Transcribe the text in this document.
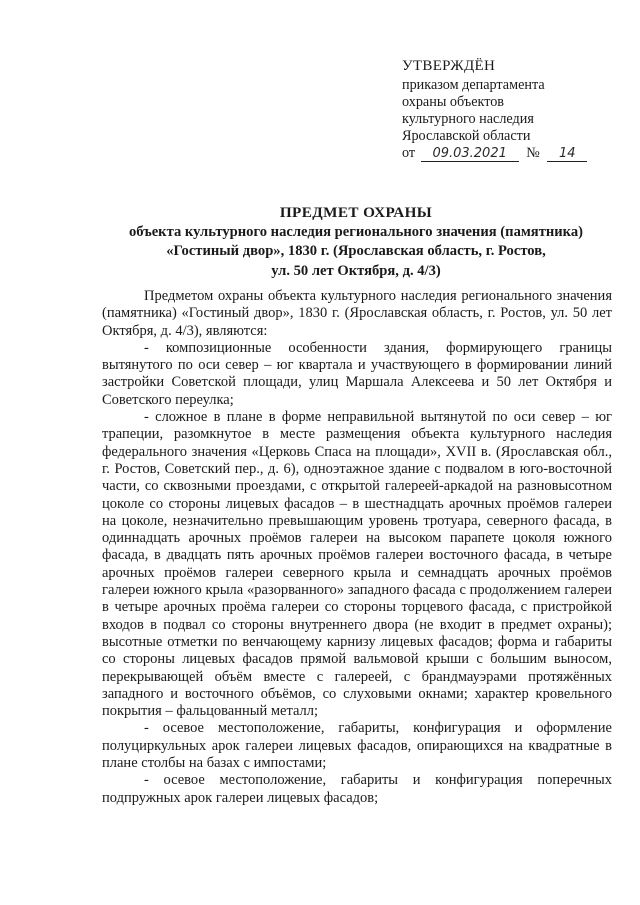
УТВЕРЖДЁН
приказом департамента
охраны объектов
культурного наследия
Ярославской области
от 09.03.2021 № 14
ПРЕДМЕТ ОХРАНЫ
объекта культурного наследия регионального значения (памятника)
«Гостиный двор», 1830 г. (Ярославская область, г. Ростов,
ул. 50 лет Октября, д. 4/3)

Предметом охраны объекта культурного наследия регионального значения (памятника) «Гостиный двор», 1830 г. (Ярославская область, г. Ростов, ул. 50 лет Октября, д. 4/3), являются:

- композиционные особенности здания, формирующего границы вытянутого по оси север – юг квартала и участвующего в формировании линий застройки Советской площади, улиц Маршала Алексеева и 50 лет Октября и Советского переулка;

- сложное в плане в форме неправильной вытянутой по оси север – юг трапеции, разомкнутое в месте размещения объекта культурного наследия федерального значения «Церковь Спаса на площади», XVII в. (Ярославская обл., г. Ростов, Советский пер., д. 6), одноэтажное здание с подвалом в юго-восточной части, со сквозными проездами, с открытой галереей-аркадой на разновысотном цоколе со стороны лицевых фасадов – в шестнадцать арочных проёмов галереи на цоколе, незначительно превышающим уровень тротуара, северного фасада, в одиннадцать арочных проёмов галереи на высоком парапете цоколя южного фасада, в двадцать пять арочных проёмов галереи восточного фасада, в четыре арочных проёмов галереи северного крыла и семнадцать арочных проёмов галереи южного крыла «разорванного» западного фасада с продолжением галереи в четыре арочных проёма галереи со стороны торцевого фасада, с пристройкой входов в подвал со стороны внутреннего двора (не входит в предмет охраны); высотные отметки по венчающему карнизу лицевых фасадов; форма и габариты со стороны лицевых фасадов прямой вальмовой крыши с большим выносом, перекрывающей объём вместе с галереей, с брандмауэрами протяжённых западного и восточного объёмов, со слуховыми окнами; характер кровельного покрытия – фальцованный металл;

- осевое местоположение, габариты, конфигурация и оформление полуциркульных арок галереи лицевых фасадов, опирающихся на квадратные в плане столбы на базах с импостами;

- осевое местоположение, габариты и конфигурация поперечных подпружных арок галереи лицевых фасадов;
